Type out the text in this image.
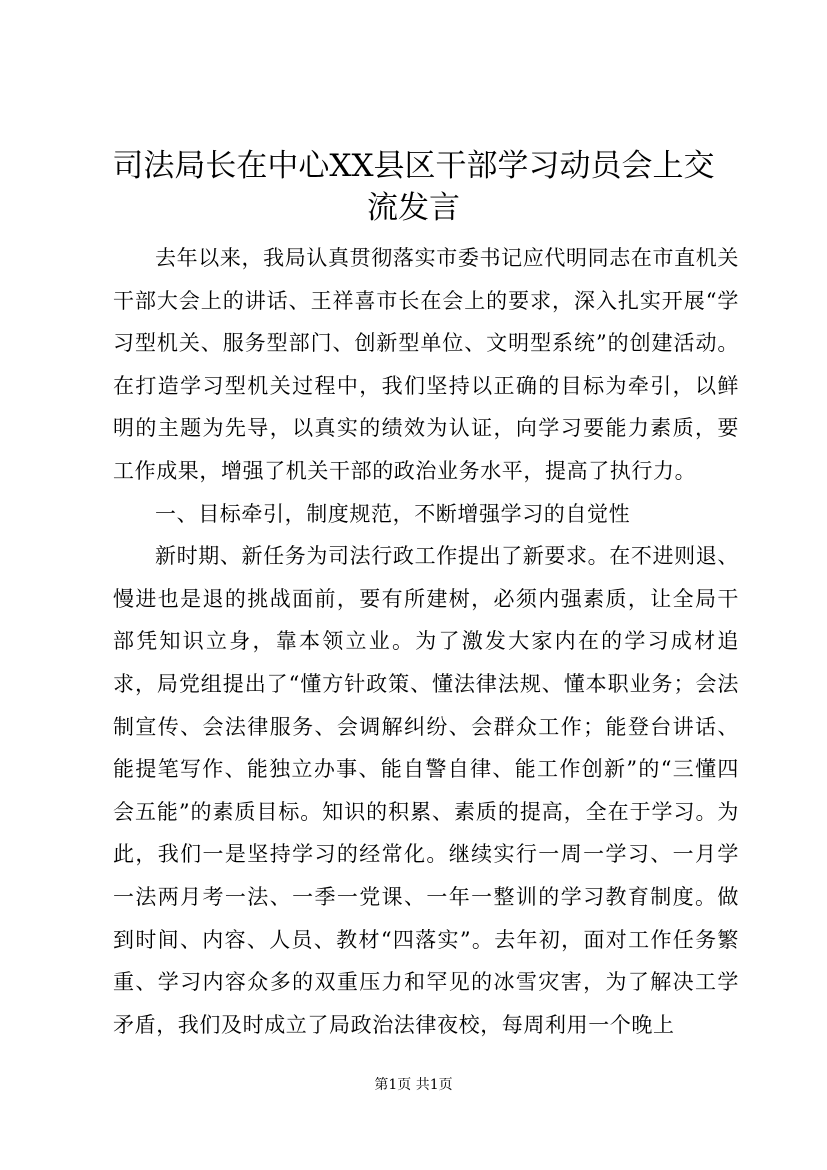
司法局长在中心XX县区干部学习动员会上交流发言

去年以来，我局认真贯彻落实市委书记应代明同志在市直机关干部大会上的讲话、王祥喜市长在会上的要求，深入扎实开展“学习型机关、服务型部门、创新型单位、文明型系统”的创建活动。在打造学习型机关过程中，我们坚持以正确的目标为牵引，以鲜明的主题为先导，以真实的绩效为认证，向学习要能力素质，要工作成果，增强了机关干部的政治业务水平，提高了执行力。

一、目标牵引，制度规范，不断增强学习的自觉性

新时期、新任务为司法行政工作提出了新要求。在不进则退、慢进也是退的挑战面前，要有所建树，必须内强素质，让全局干部凭知识立身，靠本领立业。为了激发大家内在的学习成材追求，局党组提出了“懂方针政策、懂法律法规、懂本职业务；会法制宣传、会法律服务、会调解纠纷、会群众工作；能登台讲话、能提笔写作、能独立办事、能自警自律、能工作创新”的“三懂四会五能”的素质目标。知识的积累、素质的提高，全在于学习。为此，我们一是坚持学习的经常化。继续实行一周一学习、一月学一法两月考一法、一季一党课、一年一整训的学习教育制度。做到时间、内容、人员、教材“四落实”。去年初，面对工作任务繁重、学习内容众多的双重压力和罕见的冰雪灾害，为了解决工学矛盾，我们及时成立了局政治法律夜校，每周利用一个晚上

第1页 共1页
